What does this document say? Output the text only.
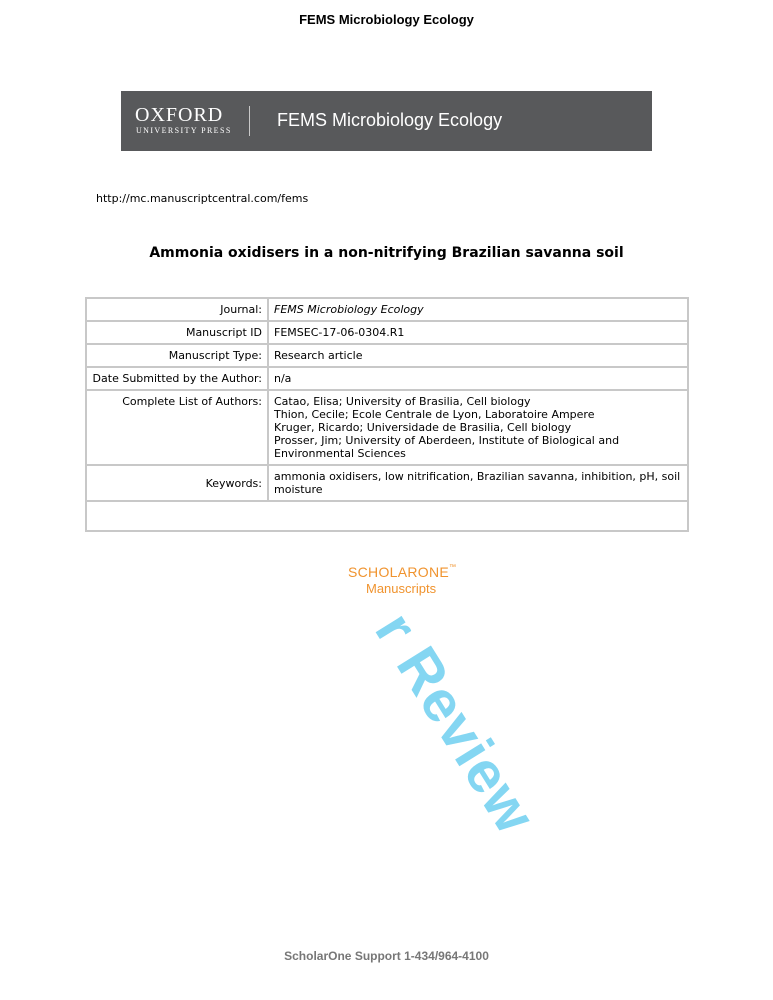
FEMS Microbiology Ecology
OXFORD
UNIVERSITY PRESS
FEMS Microbiology Ecology
http://mc.manuscriptcentral.com/fems
Ammonia oxidisers in a non-nitrifying Brazilian savanna soil
Journal:	FEMS Microbiology Ecology
Manuscript ID	FEMSEC-17-06-0304.R1
Manuscript Type:	Research article
Date Submitted by the Author:	n/a
Complete List of Authors:	Catao, Elisa; University of Brasilia, Cell biology
Thion, Cecile; Ecole Centrale de Lyon, Laboratoire Ampere
Kruger, Ricardo; Universidade de Brasilia, Cell biology
Prosser, Jim; University of Aberdeen, Institute of Biological and
Environmental Sciences

Keywords:	ammonia oxidisers, low nitrification, Brazilian savanna, inhibition, pH, soil
moisture

r Review
SCHOLARONE™
Manuscripts
ScholarOne Support 1-434/964-4100
